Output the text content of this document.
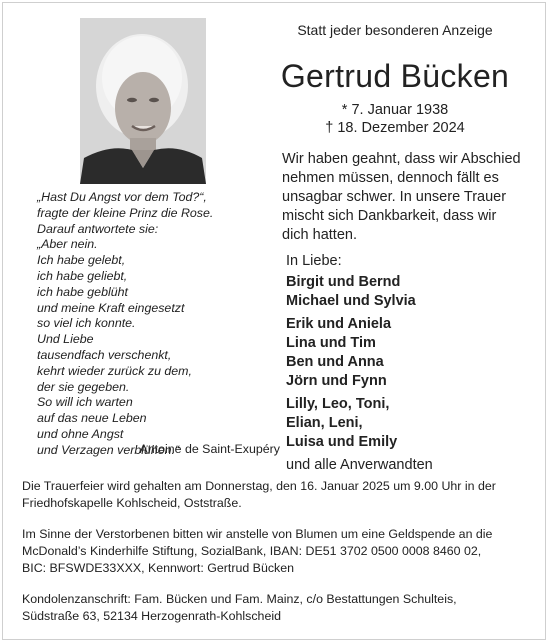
Statt jeder besonderen Anzeige
Gertrud Bücken
* 7. Januar 1938
† 18. Dezember 2024
Wir haben geahnt, dass wir Abschied
nehmen müssen, dennoch fällt es
unsagbar schwer. In unsere Trauer
mischt sich Dankbarkeit, dass wir
dich hatten.
„Hast Du Angst vor dem Tod?“,
fragte der kleine Prinz die Rose.
Darauf antwortete sie:
„Aber nein.
Ich habe gelebt,
ich habe geliebt,
ich habe geblüht
und meine Kraft eingesetzt
so viel ich konnte.
Und Liebe
tausendfach verschenkt,
kehrt wieder zurück zu dem,
der sie gegeben.
So will ich warten
auf das neue Leben
und ohne Angst
und Verzagen verblühen.“
Antoine de Saint-Exupéry
In Liebe:
Birgit und Bernd
Michael und Sylvia
Erik und Aniela
Lina und Tim
Ben und Anna
Jörn und Fynn
Lilly, Leo, Toni,
Elian, Leni,
Luisa und Emily
und alle Anverwandten
Die Trauerfeier wird gehalten am Donnerstag, den 16. Januar 2025 um 9.00 Uhr in der
Friedhofskapelle Kohlscheid, Oststraße.
Im Sinne der Verstorbenen bitten wir anstelle von Blumen um eine Geldspende an die
McDonald’s Kinderhilfe Stiftung, SozialBank, IBAN: DE51 3702 0500 0008 8460 02,
BIC: BFSWDE33XXX, Kennwort: Gertrud Bücken
Kondolenzanschrift: Fam. Bücken und Fam. Mainz, c/o Bestattungen Schulteis,
Südstraße 63, 52134 Herzogenrath-Kohlscheid
